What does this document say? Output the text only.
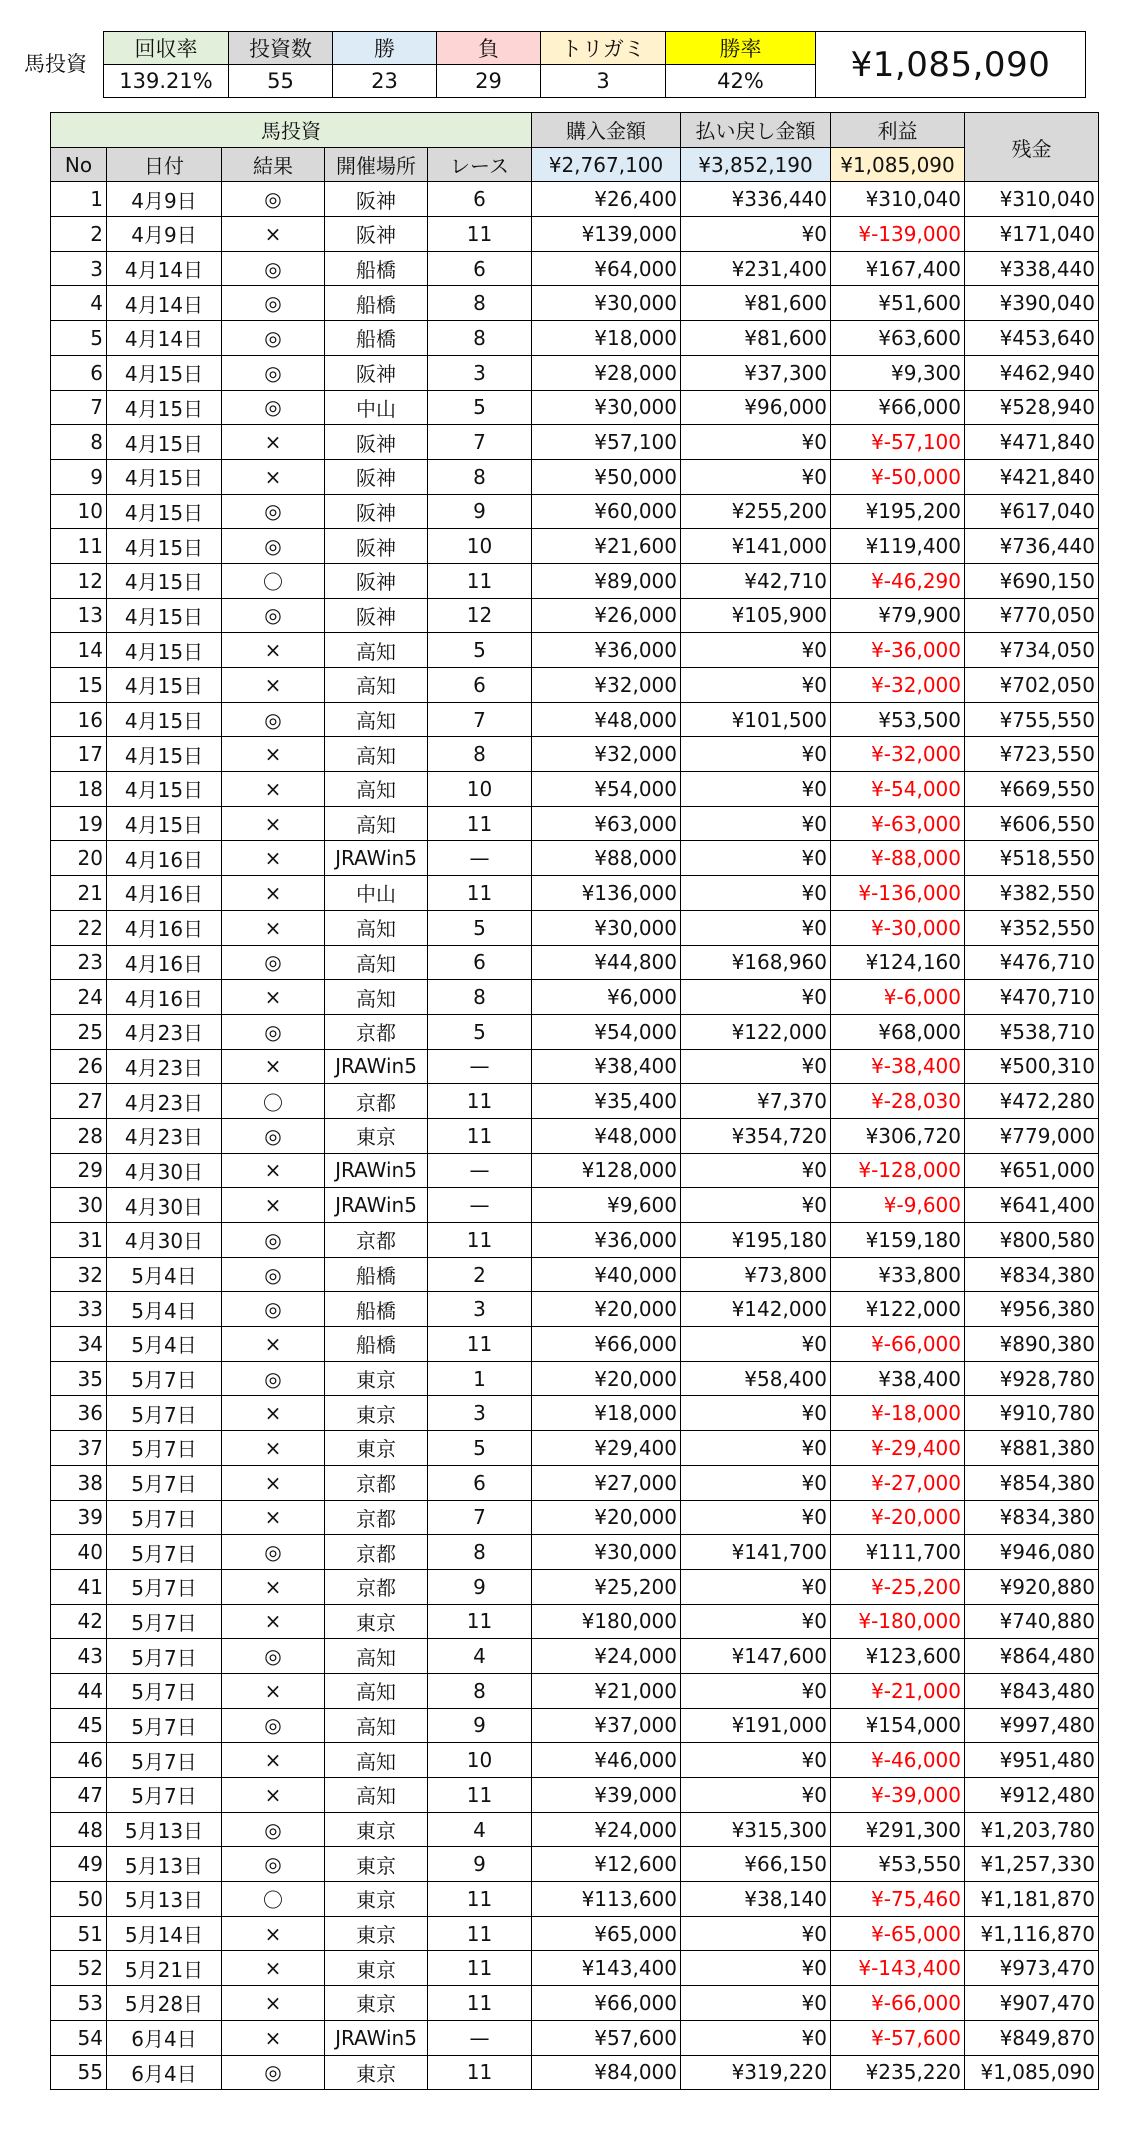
馬投資
回収率	投資数	勝	負	トリガミ	勝率	¥1,085,090
139.21%	55	23	29	3	42%	
馬投資					購入金額	払い戻し金額	利益	残金
No	日付	結果	開催場所	レース	¥2,767,100	¥3,852,190	¥1,085,090	
1	4月9日	◎	阪神	6	¥26,400	¥336,440	¥310,040	¥310,040
2	4月9日	×	阪神	11	¥139,000	¥0	¥-139,000	¥171,040
3	4月14日	◎	船橋	6	¥64,000	¥231,400	¥167,400	¥338,440
4	4月14日	◎	船橋	8	¥30,000	¥81,600	¥51,600	¥390,040
5	4月14日	◎	船橋	8	¥18,000	¥81,600	¥63,600	¥453,640
6	4月15日	◎	阪神	3	¥28,000	¥37,300	¥9,300	¥462,940
7	4月15日	◎	中山	5	¥30,000	¥96,000	¥66,000	¥528,940
8	4月15日	×	阪神	7	¥57,100	¥0	¥-57,100	¥471,840
9	4月15日	×	阪神	8	¥50,000	¥0	¥-50,000	¥421,840
10	4月15日	◎	阪神	9	¥60,000	¥255,200	¥195,200	¥617,040
11	4月15日	◎	阪神	10	¥21,600	¥141,000	¥119,400	¥736,440
12	4月15日	〇	阪神	11	¥89,000	¥42,710	¥-46,290	¥690,150
13	4月15日	◎	阪神	12	¥26,000	¥105,900	¥79,900	¥770,050
14	4月15日	×	高知	5	¥36,000	¥0	¥-36,000	¥734,050
15	4月15日	×	高知	6	¥32,000	¥0	¥-32,000	¥702,050
16	4月15日	◎	高知	7	¥48,000	¥101,500	¥53,500	¥755,550
17	4月15日	×	高知	8	¥32,000	¥0	¥-32,000	¥723,550
18	4月15日	×	高知	10	¥54,000	¥0	¥-54,000	¥669,550
19	4月15日	×	高知	11	¥63,000	¥0	¥-63,000	¥606,550
20	4月16日	×	JRAWin5	—	¥88,000	¥0	¥-88,000	¥518,550
21	4月16日	×	中山	11	¥136,000	¥0	¥-136,000	¥382,550
22	4月16日	×	高知	5	¥30,000	¥0	¥-30,000	¥352,550
23	4月16日	◎	高知	6	¥44,800	¥168,960	¥124,160	¥476,710
24	4月16日	×	高知	8	¥6,000	¥0	¥-6,000	¥470,710
25	4月23日	◎	京都	5	¥54,000	¥122,000	¥68,000	¥538,710
26	4月23日	×	JRAWin5	—	¥38,400	¥0	¥-38,400	¥500,310
27	4月23日	〇	京都	11	¥35,400	¥7,370	¥-28,030	¥472,280
28	4月23日	◎	東京	11	¥48,000	¥354,720	¥306,720	¥779,000
29	4月30日	×	JRAWin5	—	¥128,000	¥0	¥-128,000	¥651,000
30	4月30日	×	JRAWin5	—	¥9,600	¥0	¥-9,600	¥641,400
31	4月30日	◎	京都	11	¥36,000	¥195,180	¥159,180	¥800,580
32	5月4日	◎	船橋	2	¥40,000	¥73,800	¥33,800	¥834,380
33	5月4日	◎	船橋	3	¥20,000	¥142,000	¥122,000	¥956,380
34	5月4日	×	船橋	11	¥66,000	¥0	¥-66,000	¥890,380
35	5月7日	◎	東京	1	¥20,000	¥58,400	¥38,400	¥928,780
36	5月7日	×	東京	3	¥18,000	¥0	¥-18,000	¥910,780
37	5月7日	×	東京	5	¥29,400	¥0	¥-29,400	¥881,380
38	5月7日	×	京都	6	¥27,000	¥0	¥-27,000	¥854,380
39	5月7日	×	京都	7	¥20,000	¥0	¥-20,000	¥834,380
40	5月7日	◎	京都	8	¥30,000	¥141,700	¥111,700	¥946,080
41	5月7日	×	京都	9	¥25,200	¥0	¥-25,200	¥920,880
42	5月7日	×	東京	11	¥180,000	¥0	¥-180,000	¥740,880
43	5月7日	◎	高知	4	¥24,000	¥147,600	¥123,600	¥864,480
44	5月7日	×	高知	8	¥21,000	¥0	¥-21,000	¥843,480
45	5月7日	◎	高知	9	¥37,000	¥191,000	¥154,000	¥997,480
46	5月7日	×	高知	10	¥46,000	¥0	¥-46,000	¥951,480
47	5月7日	×	高知	11	¥39,000	¥0	¥-39,000	¥912,480
48	5月13日	◎	東京	4	¥24,000	¥315,300	¥291,300	¥1,203,780
49	5月13日	◎	東京	9	¥12,600	¥66,150	¥53,550	¥1,257,330
50	5月13日	〇	東京	11	¥113,600	¥38,140	¥-75,460	¥1,181,870
51	5月14日	×	東京	11	¥65,000	¥0	¥-65,000	¥1,116,870
52	5月21日	×	東京	11	¥143,400	¥0	¥-143,400	¥973,470
53	5月28日	×	東京	11	¥66,000	¥0	¥-66,000	¥907,470
54	6月4日	×	JRAWin5	—	¥57,600	¥0	¥-57,600	¥849,870
55	6月4日	◎	東京	11	¥84,000	¥319,220	¥235,220	¥1,085,090
